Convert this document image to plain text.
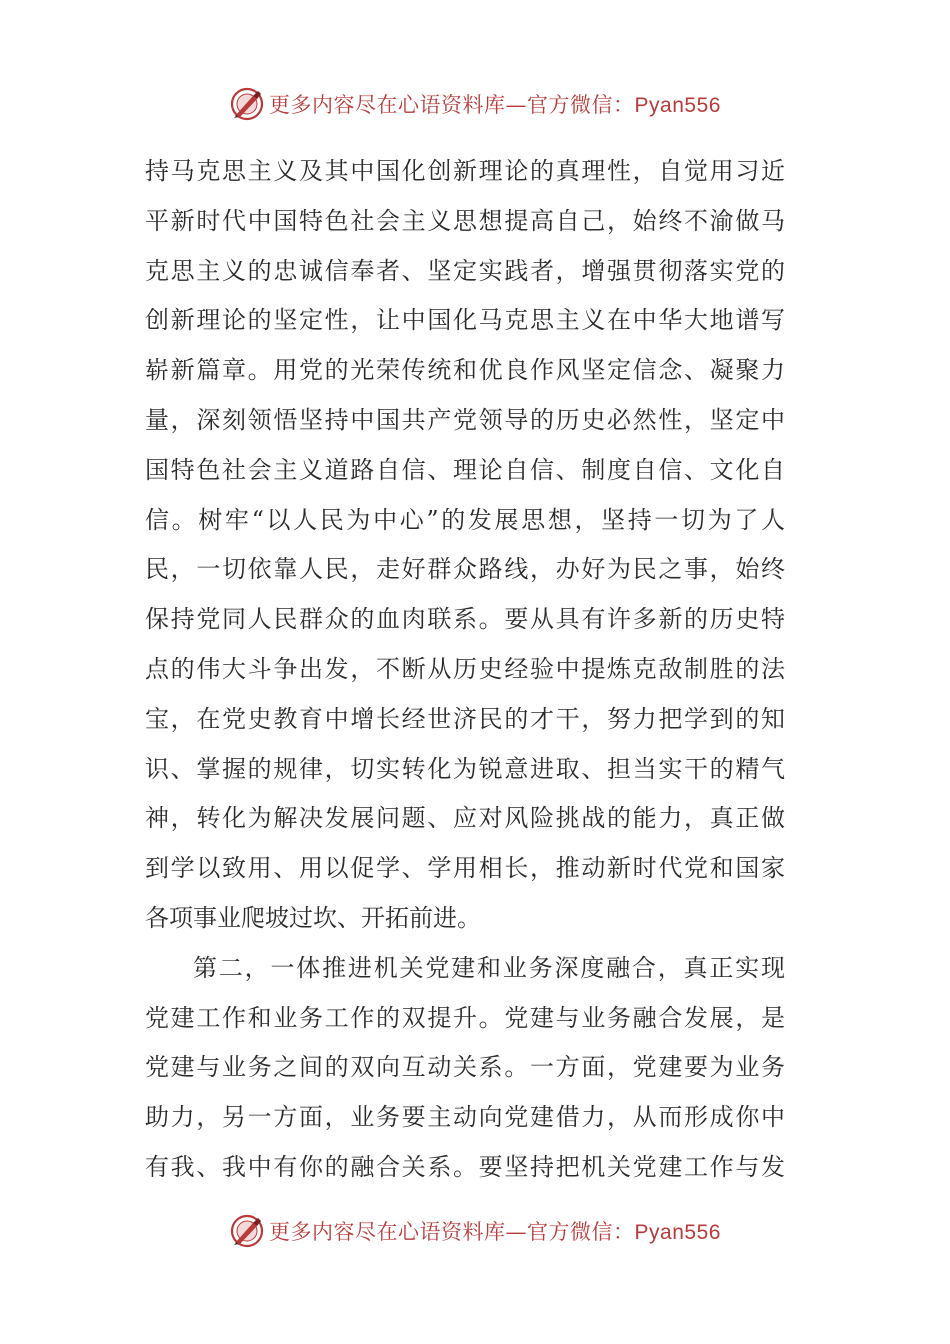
更多内容尽在心语资料库—官方微信：Pyan556
持马克思主义及其中国化创新理论的真理性，自觉用习近
平新时代中国特色社会主义思想提高自己，始终不渝做马
克思主义的忠诚信奉者、坚定实践者，增强贯彻落实党的
创新理论的坚定性，让中国化马克思主义在中华大地谱写
崭新篇章。用党的光荣传统和优良作风坚定信念、凝聚力
量，深刻领悟坚持中国共产党领导的历史必然性，坚定中
国特色社会主义道路自信、理论自信、制度自信、文化自
信。树牢“以人民为中心”的发展思想，坚持一切为了人
民，一切依靠人民，走好群众路线，办好为民之事，始终
保持党同人民群众的血肉联系。要从具有许多新的历史特
点的伟大斗争出发，不断从历史经验中提炼克敌制胜的法
宝，在党史教育中增长经世济民的才干，努力把学到的知
识、掌握的规律，切实转化为锐意进取、担当实干的精气
神，转化为解决发展问题、应对风险挑战的能力，真正做
到学以致用、用以促学、学用相长，推动新时代党和国家
各项事业爬坡过坎、开拓前进。
第二，一体推进机关党建和业务深度融合，真正实现
党建工作和业务工作的双提升。党建与业务融合发展，是
党建与业务之间的双向互动关系。一方面，党建要为业务
助力，另一方面，业务要主动向党建借力，从而形成你中
有我、我中有你的融合关系。要坚持把机关党建工作与发
更多内容尽在心语资料库—官方微信：Pyan556
